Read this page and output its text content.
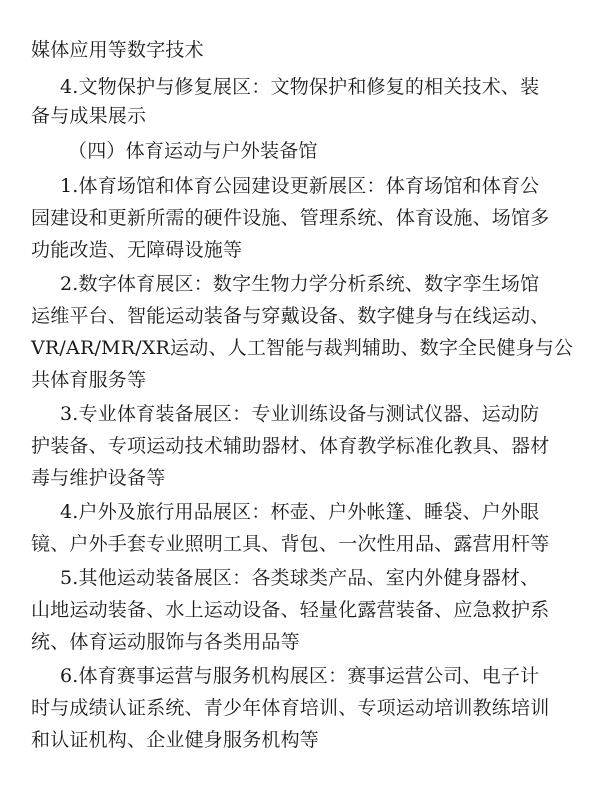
媒体应用等数字技术
4.文物保护与修复展区：文物保护和修复的相关技术、装
备与成果展示
（四）体育运动与户外装备馆
1.体育场馆和体育公园建设更新展区：体育场馆和体育公
园建设和更新所需的硬件设施、管理系统、体育设施、场馆多
功能改造、无障碍设施等
2.数字体育展区：数字生物力学分析系统、数字孪生场馆
运维平台、智能运动装备与穿戴设备、数字健身与在线运动、
VR/AR/MR/XR运动、人工智能与裁判辅助、数字全民健身与公
共体育服务等
3.专业体育装备展区：专业训练设备与测试仪器、运动防
护装备、专项运动技术辅助器材、体育教学标准化教具、器材
毒与维护设备等
4.户外及旅行用品展区：杯壶、户外帐篷、睡袋、户外眼
镜、户外手套专业照明工具、背包、一次性用品、露营用杆等
5.其他运动装备展区：各类球类产品、室内外健身器材、
山地运动装备、水上运动设备、轻量化露营装备、应急救护系
统、体育运动服饰与各类用品等
6.体育赛事运营与服务机构展区：赛事运营公司、电子计
时与成绩认证系统、青少年体育培训、专项运动培训教练培训
和认证机构、企业健身服务机构等
